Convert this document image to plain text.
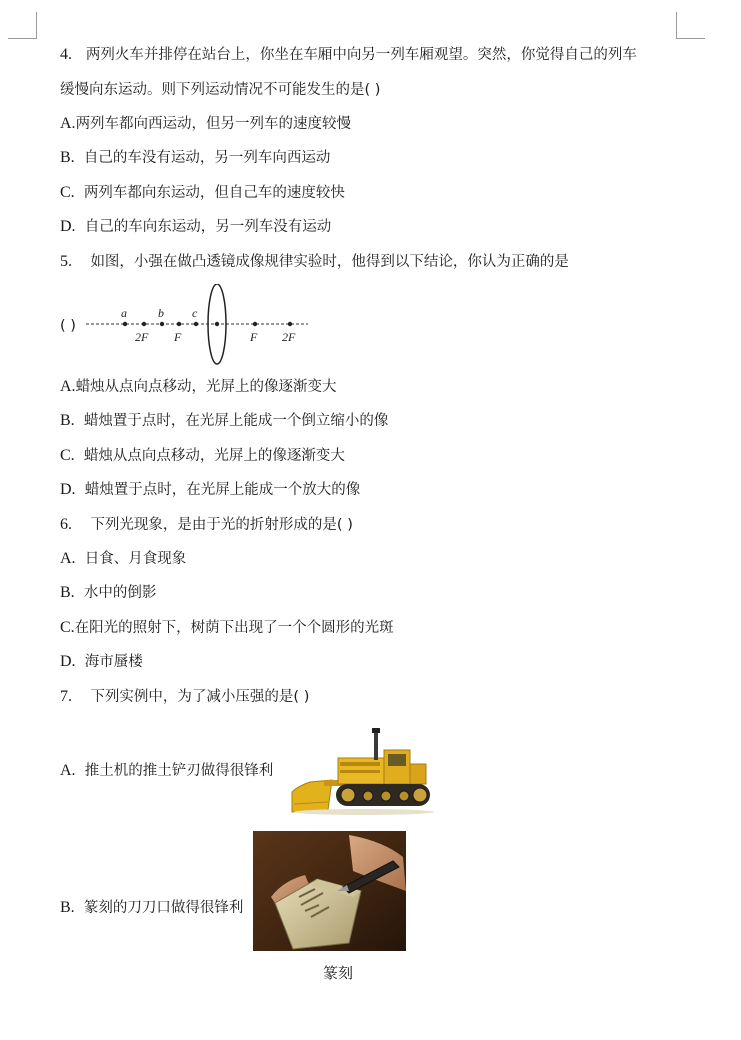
4. 两列火车并排停在站台上，你坐在车厢中向另一列车厢观望。突然，你觉得自己的列车
缓慢向东运动。则下列运动情况不可能发生的是( )
A.两列车都向西运动，但另一列车的速度较慢
B. 自己的车没有运动，另一列车向西运动
C. 两列车都向东运动，但自己车的速度较快
D. 自己的车向东运动，另一列车没有运动
5. 如图，小强在做凸透镜成像规律实验时，他得到以下结论，你认为正确的是
( )
a	b c
2F F	F 2F
A.蜡烛从点向点移动，光屏上的像逐渐变大
B. 蜡烛置于点时，在光屏上能成一个倒立缩小的像
C. 蜡烛从点向点移动，光屏上的像逐渐变大
D. 蜡烛置于点时，在光屏上能成一个放大的像
6. 下列光现象，是由于光的折射形成的是( )
A. 日食、月食现象
B. 水中的倒影
C.在阳光的照射下，树荫下出现了一个个圆形的光斑
D. 海市蜃楼
7. 下列实例中，为了减小压强的是( )
A. 推土机的推土铲刃做得很锋利
B. 篆刻的刀刀口做得很锋利
篆刻
